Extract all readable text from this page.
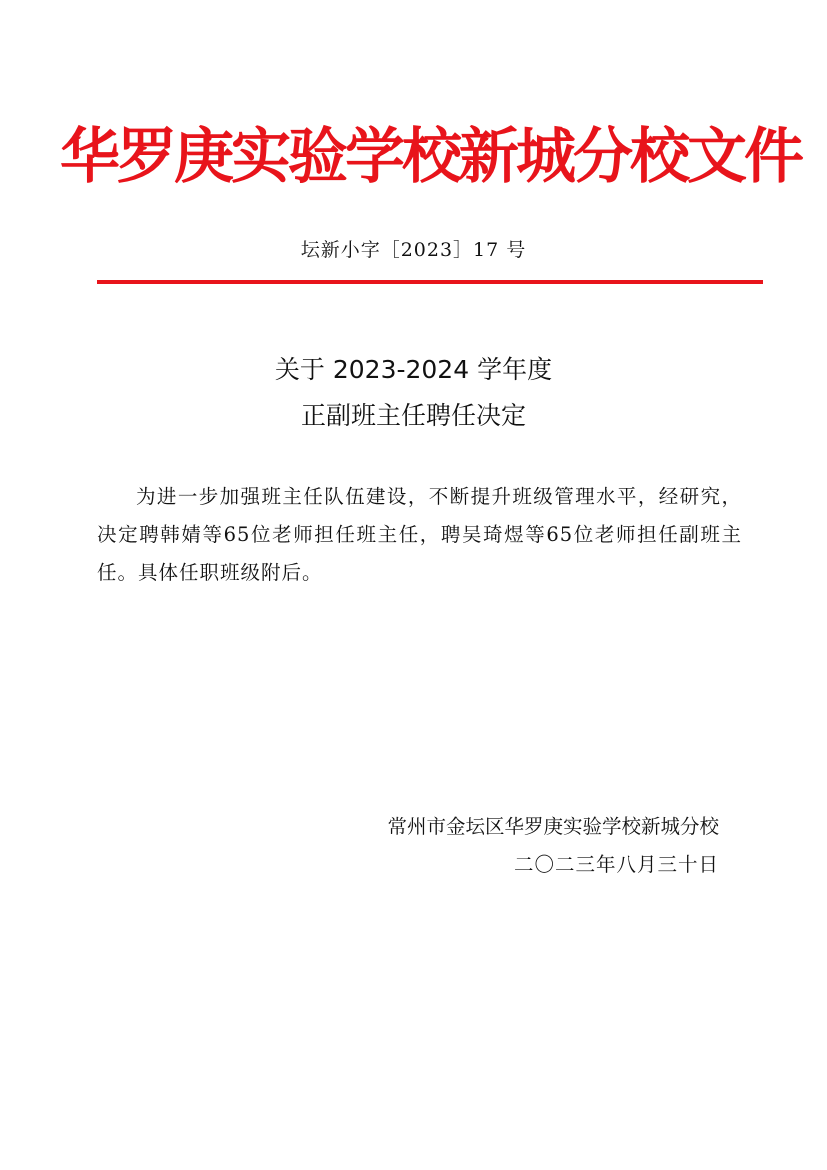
华罗庚实验学校新城分校文件
坛新小字［2023］17 号
关于 2023-2024 学年度
正副班主任聘任决定
为进一步加强班主任队伍建设，不断提升班级管理水平，经研究，决定聘韩婧等65位老师担任班主任，聘吴琦煜等65位老师担任副班主任。具体任职班级附后。
常州市金坛区华罗庚实验学校新城分校
二〇二三年八月三十日
